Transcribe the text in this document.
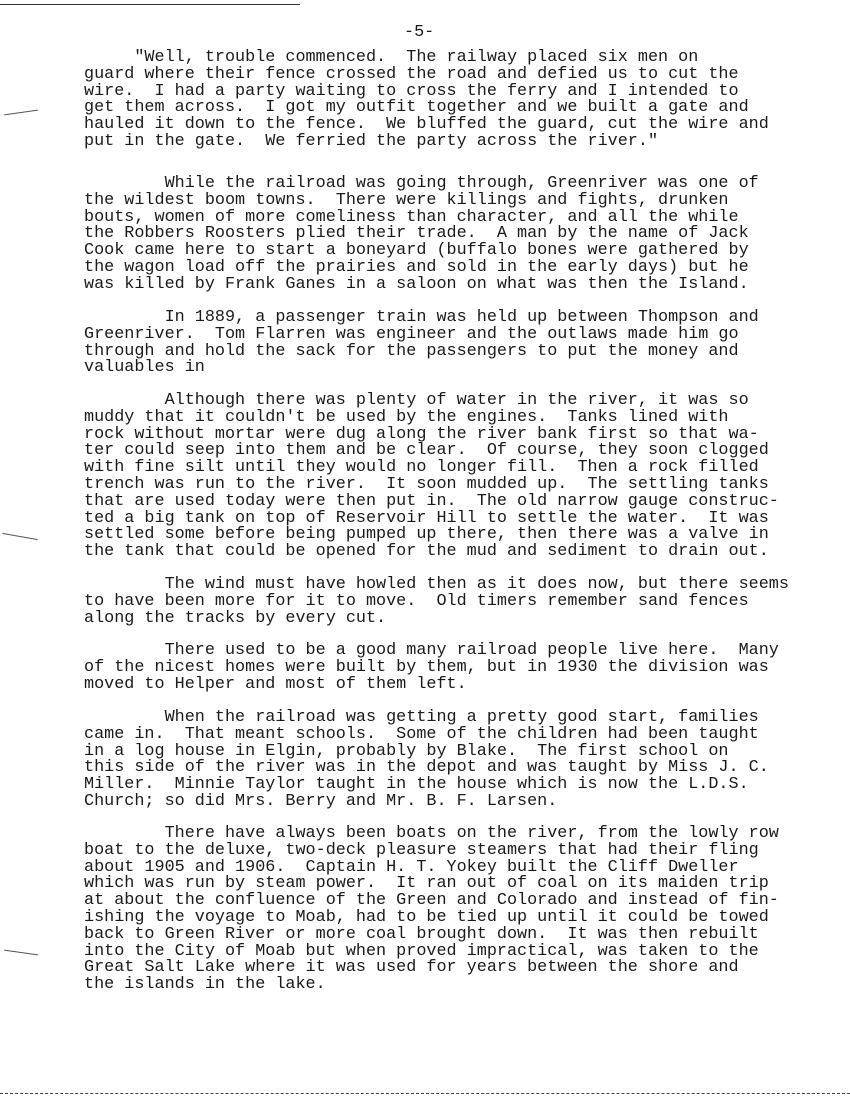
-5-
"Well, trouble commenced.  The railway placed six men on
guard where their fence crossed the road and defied us to cut the
wire.  I had a party waiting to cross the ferry and I intended to
get them across.  I got my outfit together and we built a gate and
hauled it down to the fence.  We bluffed the guard, cut the wire and
put in the gate.  We ferried the party across the river."
While the railroad was going through, Greenriver was one of
the wildest boom towns.  There were killings and fights, drunken
bouts, women of more comeliness than character, and all the while
the Robbers Roosters plied their trade.  A man by the name of Jack
Cook came here to start a boneyard (buffalo bones were gathered by
the wagon load off the prairies and sold in the early days) but he
was killed by Frank Ganes in a saloon on what was then the Island.
In 1889, a passenger train was held up between Thompson and
Greenriver.  Tom Flarren was engineer and the outlaws made him go
through and hold the sack for the passengers to put the money and
valuables in
Although there was plenty of water in the river, it was so
muddy that it couldn't be used by the engines.  Tanks lined with
rock without mortar were dug along the river bank first so that wa-
ter could seep into them and be clear.  Of course, they soon clogged
with fine silt until they would no longer fill.  Then a rock filled
trench was run to the river.  It soon mudded up.  The settling tanks
that are used today were then put in.  The old narrow gauge construc-
ted a big tank on top of Reservoir Hill to settle the water.  It was
settled some before being pumped up there, then there was a valve in
the tank that could be opened for the mud and sediment to drain out.
The wind must have howled then as it does now, but there seems
to have been more for it to move.  Old timers remember sand fences
along the tracks by every cut.
There used to be a good many railroad people live here.  Many
of the nicest homes were built by them, but in 1930 the division was
moved to Helper and most of them left.
When the railroad was getting a pretty good start, families
came in.  That meant schools.  Some of the children had been taught
in a log house in Elgin, probably by Blake.  The first school on
this side of the river was in the depot and was taught by Miss J. C.
Miller.  Minnie Taylor taught in the house which is now the L.D.S.
Church; so did Mrs. Berry and Mr. B. F. Larsen.
There have always been boats on the river, from the lowly row
boat to the deluxe, two-deck pleasure steamers that had their fling
about 1905 and 1906.  Captain H. T. Yokey built the Cliff Dweller
which was run by steam power.  It ran out of coal on its maiden trip
at about the confluence of the Green and Colorado and instead of fin-
ishing the voyage to Moab, had to be tied up until it could be towed
back to Green River or more coal brought down.  It was then rebuilt
into the City of Moab but when proved impractical, was taken to the
Great Salt Lake where it was used for years between the shore and
the islands in the lake.
